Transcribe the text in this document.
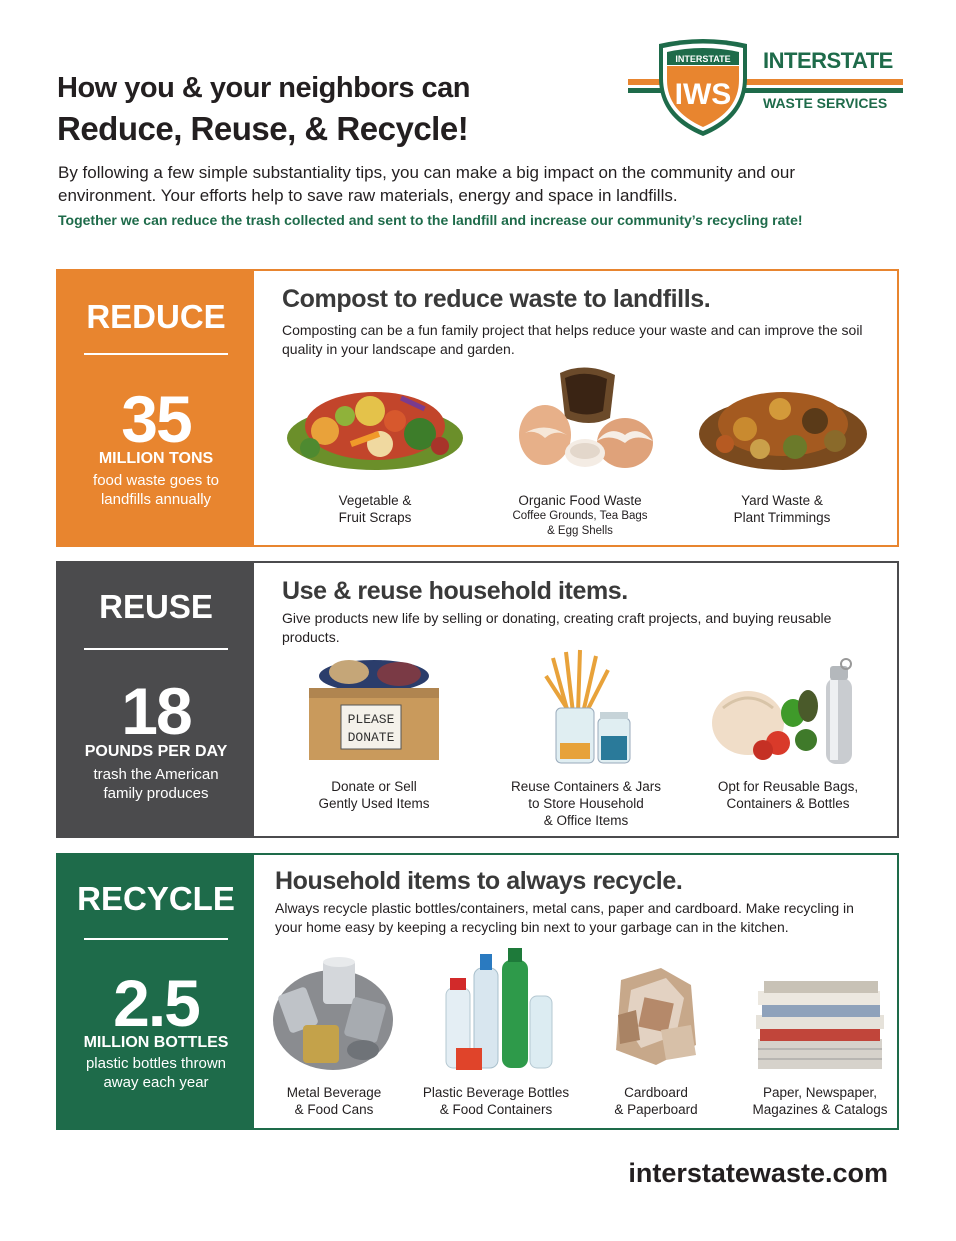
How you & your neighbors can
Reduce, Reuse, & Recycle!
By following a few simple substantiality tips, you can make a big impact on the community and our environment. Your efforts help to save raw materials, energy and space in landfills.
Together we can reduce the trash collected and sent to the landfill and increase our community’s recycling rate!
INTERSTATE
IWS
INTERSTATE
WASTE SERVICES
REDUCE
35
MILLION TONS
food waste goes to
landfills annually
Compost to reduce waste to landfills.
Composting can be a fun family project that helps reduce your waste and can improve the soil quality in your landscape and garden.
Vegetable &
Fruit Scraps
Organic Food Waste
Coffee Grounds, Tea Bags
& Egg Shells
Yard Waste &
Plant Trimmings
REUSE
18
POUNDS PER DAY
trash the American
family produces
Use & reuse household items.
Give products new life by selling or donating, creating craft projects, and buying reusable products.
PLEASE
DONATE
Donate or Sell
Gently Used Items
Reuse Containers & Jars
to Store Household
& Office Items
Opt for Reusable Bags,
Containers & Bottles
RECYCLE
2.5
MILLION BOTTLES
plastic bottles thrown
away each year
Household items to always recycle.
Always recycle plastic bottles/containers, metal cans, paper and cardboard. Make recycling in your home easy by keeping a recycling bin next to your garbage can in the kitchen.
Metal Beverage
& Food Cans
Plastic Beverage Bottles
& Food Containers
Cardboard
& Paperboard
Paper, Newspaper,
Magazines & Catalogs
interstatewaste.com
